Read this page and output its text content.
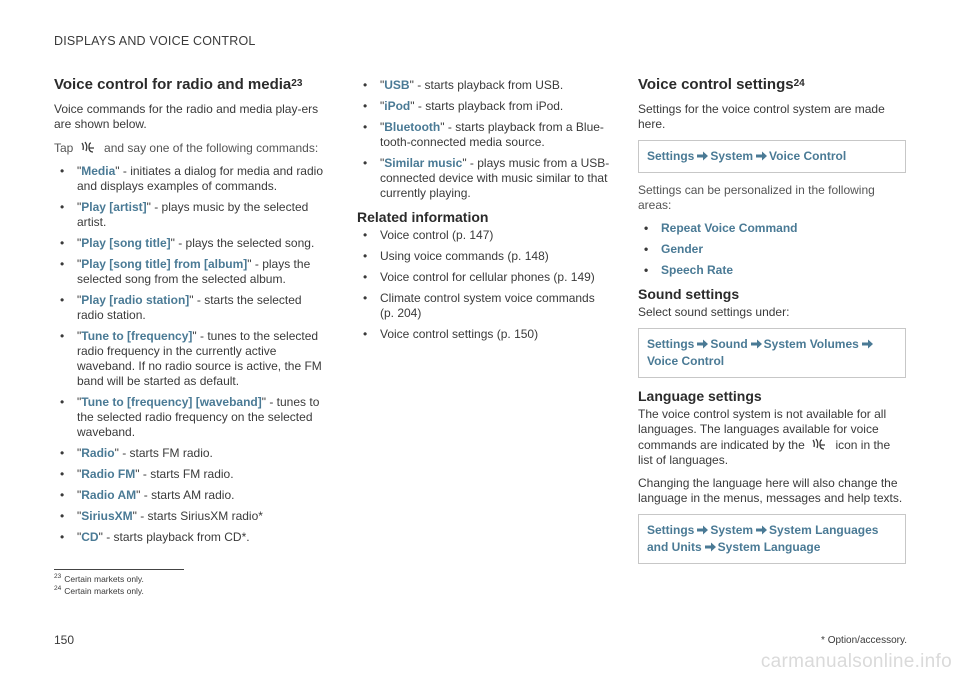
DISPLAYS AND VOICE CONTROL
Voice control for radio and media$^{23}$

Voice commands for the radio and media play-ers are shown below.

Tap	and say one of the following commands:

• "Media" - initiates a dialog for media and radio and displays examples of commands.
• "Play [artist]" - plays music by the selected artist.
• "Play [song title]" - plays the selected song.
• "Play [song title] from [album]" - plays the selected song from the selected album.
• "Play [radio station]" - starts the selected radio station.
• "Tune to [frequency]" - tunes to the selected radio frequency in the currently active waveband. If no radio source is active, the FM band will be started as default.
• "Tune to [frequency] [waveband]" - tunes to the selected radio frequency on the selected waveband.
• "Radio" - starts FM radio.
• "Radio FM" - starts FM radio.
• "Radio AM" - starts AM radio.
• "SiriusXM" - starts SiriusXM radio*
• "CD" - starts playback from CD*.
• "USB" - starts playback from USB.
• "iPod" - starts playback from iPod.
• "Bluetooth" - starts playback from a Blue-tooth-connected media source.
• "Similar music" - plays music from a USB-connected device with music similar to that currently playing.
Related information
• Voice control (p. 147)
• Using voice commands (p. 148)
• Voice control for cellular phones (p. 149)
• Climate control system voice commands (p. 204)
• Voice control settings (p. 150)
Voice control settings$^{24}$

Settings for the voice control system are made here.

Settings System Voice Control

Settings can be personalized in the following areas:

• Repeat Voice Command
• Gender
• Speech Rate
Sound settings

Select sound settings under:

Settings Sound System Volumes
Voice Control
Language settings

The voice control system is not available for all languages. The languages available for voice commands are indicated by the	icon in the list of languages.

Changing the language here will also change the language in the menus, messages and help texts.

Settings System System Languages and Units System Language
$^{23}$ Certain markets only.
$^{24}$ Certain markets only.
150	* Option/accessory.
carmanualsonline.info
